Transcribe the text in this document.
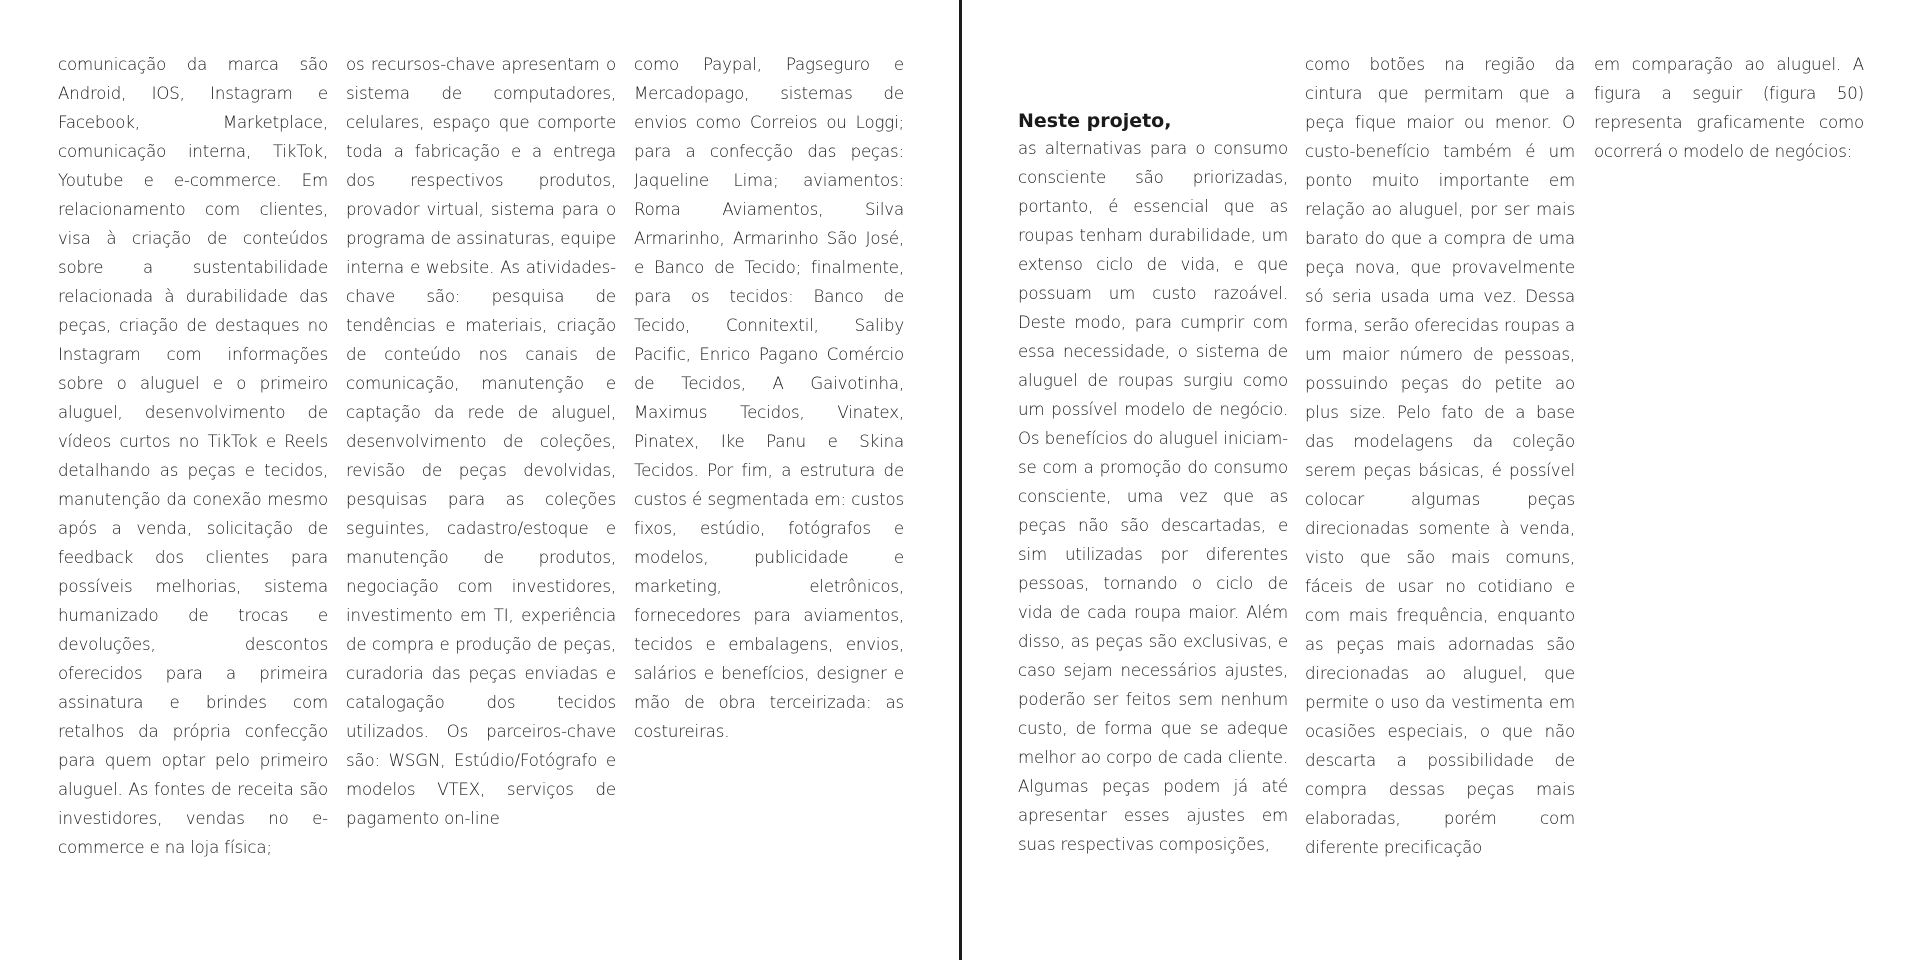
comunicação da marca são Android, IOS, Instagram e Facebook, Marketplace, comunicação interna, TikTok, Youtube e e-commerce. Em relacionamento com clientes, visa à criação de conteúdos sobre a sustentabilidade relacionada à durabilidade das peças, criação de destaques no Instagram com informações sobre o aluguel e o primeiro aluguel, desenvolvimento de vídeos curtos no TikTok e Reels detalhando as peças e tecidos, manutenção da conexão mesmo após a venda, solicitação de feedback dos clientes para possíveis melhorias, sistema humanizado de trocas e devoluções, descontos oferecidos para a primeira assinatura e brindes com retalhos da própria confecção para quem optar pelo primeiro aluguel. As fontes de receita são investidores, vendas no e-commerce e na loja física;

os recursos-chave apresentam o sistema de computadores, celulares, espaço que comporte toda a fabricação e a entrega dos respectivos produtos, provador virtual, sistema para o programa de assinaturas, equipe interna e website. As atividades-chave são: pesquisa de tendências e materiais, criação de conteúdo nos canais de comunicação, manutenção e captação da rede de aluguel, desenvolvimento de coleções, revisão de peças devolvidas, pesquisas para as coleções seguintes, cadastro/estoque e manutenção de produtos, negociação com investidores, investimento em TI, experiência de compra e produção de peças, curadoria das peças enviadas e catalogação dos tecidos utilizados. Os parceiros-chave são: WSGN, Estúdio/Fotógrafo e modelos VTEX, serviços de pagamento on-line

como Paypal, Pagseguro e Mercadopago, sistemas de envios como Correios ou Loggi; para a confecção das peças: Jaqueline Lima; aviamentos: Roma Aviamentos, Silva Armarinho, Armarinho São José, e Banco de Tecido; finalmente, para os tecidos: Banco de Tecido, Connitextil, Saliby Pacific, Enrico Pagano Comércio de Tecidos, A Gaivotinha, Maximus Tecidos, Vinatex, Pinatex, Ike Panu e Skina Tecidos. Por fim, a estrutura de custos é segmentada em: custos fixos, estúdio, fotógrafos e modelos, publicidade e marketing, eletrônicos, fornecedores para aviamentos, tecidos e embalagens, envios, salários e benefícios, designer e mão de obra terceirizada: as costureiras.

Neste projeto,

as alternativas para o consumo consciente são priorizadas, portanto, é essencial que as roupas tenham durabilidade, um extenso ciclo de vida, e que possuam um custo razoável. Deste modo, para cumprir com essa necessidade, o sistema de aluguel de roupas surgiu como um possível modelo de negócio. Os benefícios do aluguel iniciam-se com a promoção do consumo consciente, uma vez que as peças não são descartadas, e sim utilizadas por diferentes pessoas, tornando o ciclo de vida de cada roupa maior. Além disso, as peças são exclusivas, e caso sejam necessários ajustes, poderão ser feitos sem nenhum custo, de forma que se adeque melhor ao corpo de cada cliente. Algumas peças podem já até apresentar esses ajustes em suas respectivas composições,

como botões na região da cintura que permitam que a peça fique maior ou menor. O custo-benefício também é um ponto muito importante em relação ao aluguel, por ser mais barato do que a compra de uma peça nova, que provavelmente só seria usada uma vez. Dessa forma, serão oferecidas roupas a um maior número de pessoas, possuindo peças do petite ao plus size. Pelo fato de a base das modelagens da coleção serem peças básicas, é possível colocar algumas peças direcionadas somente à venda, visto que são mais comuns, fáceis de usar no cotidiano e com mais frequência, enquanto as peças mais adornadas são direcionadas ao aluguel, que permite o uso da vestimenta em ocasiões especiais, o que não descarta a possibilidade de compra dessas peças mais elaboradas, porém com diferente precificação

em comparação ao aluguel. A figura a seguir (figura 50) representa graficamente como ocorrerá o modelo de negócios:
